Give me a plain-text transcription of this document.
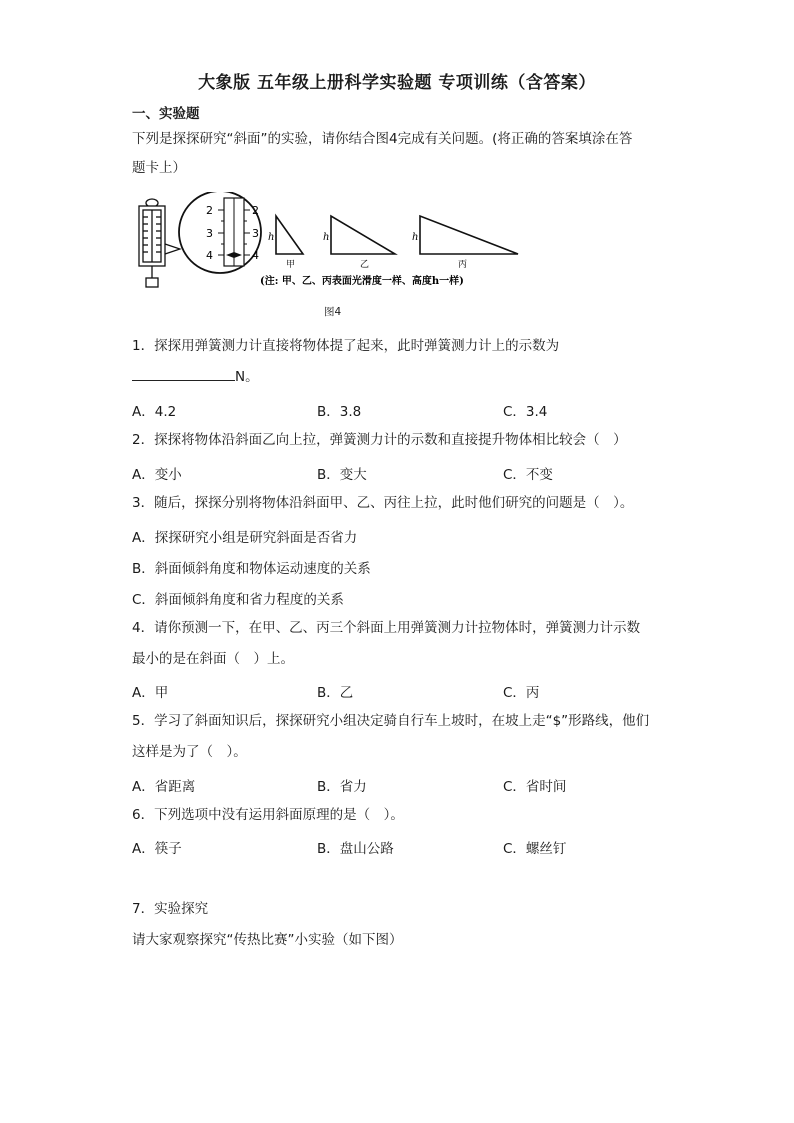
大象版 五年级上册科学实验题 专项训练（含答案）
一、实验题
下列是探探研究“斜面”的实验，请你结合图4完成有关问题。(将正确的答案填涂在答
题卡上）
2
3
4
2
3
4
h	h	h
甲	乙	丙
(注: 甲、乙、丙表面光滑度一样、高度h一样)
图4
1．探探用弹簧测力计直接将物体提了起来，此时弹簧测力计上的示数为
N。
A．4.2	B．3.8	C．3.4
2．探探将物体沿斜面乙向上拉，弹簧测力计的示数和直接提升物体相比较会（　）
A．变小	B．变大	C．不变
3．随后，探探分别将物体沿斜面甲、乙、丙往上拉，此时他们研究的问题是（　）。
A．探探研究小组是研究斜面是否省力
B．斜面倾斜角度和物体运动速度的关系
C．斜面倾斜角度和省力程度的关系
4．请你预测一下，在甲、乙、丙三个斜面上用弹簧测力计拉物体时，弹簧测力计示数
最小的是在斜面（　）上。
A．甲	B．乙	C．丙
5．学习了斜面知识后，探探研究小组决定骑自行车上坡时，在坡上走“$”形路线，他们
这样是为了（　）。
A．省距离	B．省力	C．省时间
6．下列选项中没有运用斜面原理的是（　）。
A．筷子	B．盘山公路	C．螺丝钉
7．实验探究
请大家观察探究“传热比赛”小实验（如下图）
